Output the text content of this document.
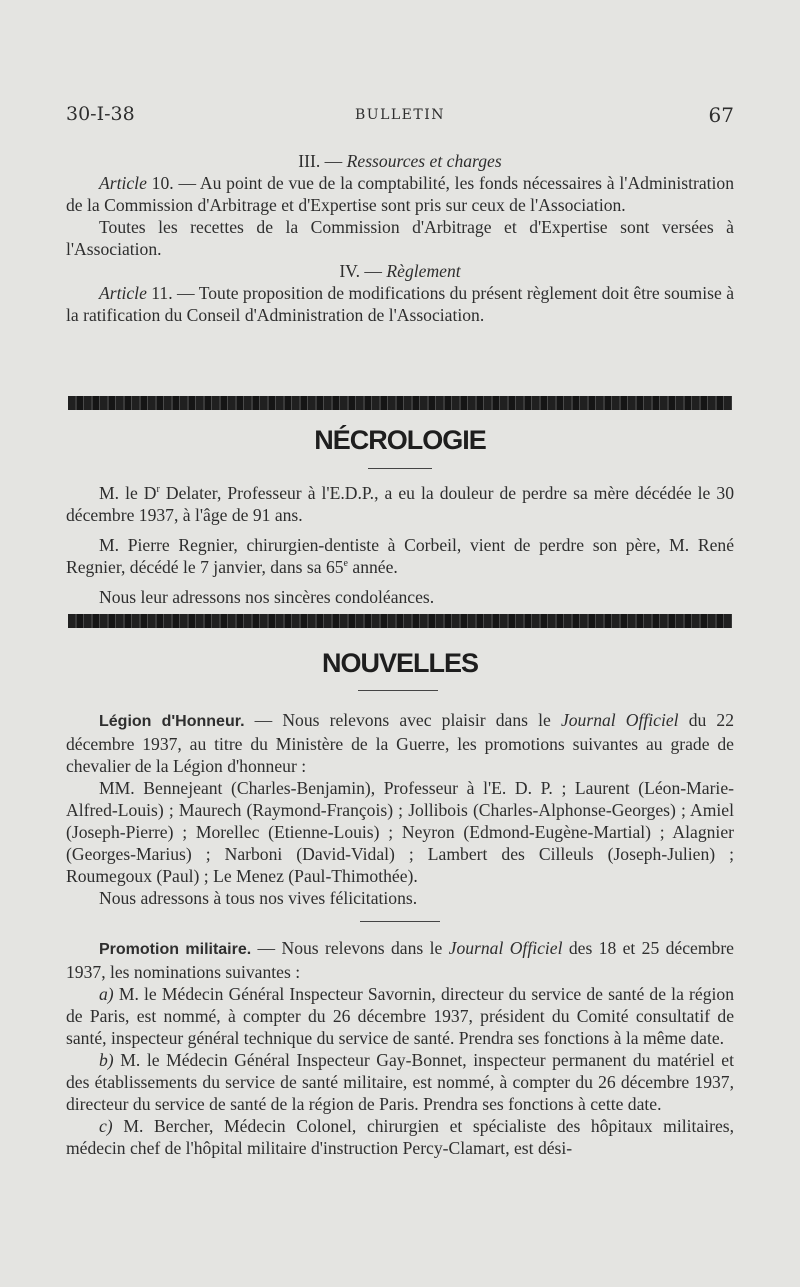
30-I-38	BULLETIN	67

III. — Ressources et charges

Article 10. — Au point de vue de la comptabilité, les fonds nécessaires à l'Administration de la Commission d'Arbitrage et d'Expertise sont pris sur ceux de l'Association.

Toutes les recettes de la Commission d'Arbitrage et d'Expertise sont versées à l'Association.

IV. — Règlement

Article 11. — Toute proposition de modifications du présent règlement doit être soumise à la ratification du Conseil d'Administration de l'Association.

NÉCROLOGIE

M. le $D^r$ Delater, Professeur à l'E.D.P., a eu la douleur de perdre sa mère décédée le 30 décembre 1937, à l'âge de 91 ans.

M. Pierre Regnier, chirurgien-dentiste à Corbeil, vient de perdre son père, M. René Regnier, décédé le 7 janvier, dans sa 65e année.

Nous leur adressons nos sincères condoléances.

NOUVELLES

Légion d'Honneur. — Nous relevons avec plaisir dans le Journal Officiel du 22 décembre 1937, au titre du Ministère de la Guerre, les promotions suivantes au grade de chevalier de la Légion d'honneur :

MM. Bennejeant (Charles-Benjamin), Professeur à l'E. D. P. ; Laurent (Léon-Marie-Alfred-Louis) ; Maurech (Raymond-François) ; Jollibois (Charles-Alphonse-Georges) ; Amiel (Joseph-Pierre) ; Morellec (Etienne-Louis) ; Neyron (Edmond-Eugène-Martial) ; Alagnier (Georges-Marius) ; Narboni (David-Vidal) ; Lambert des Cilleuls (Joseph-Julien) ; Roumegoux (Paul) ; Le Menez (Paul-Thimothée).

Nous adressons à tous nos vives félicitations.

Promotion militaire. — Nous relevons dans le Journal Officiel des 18 et 25 décembre 1937, les nominations suivantes :

a) M. le Médecin Général Inspecteur Savornin, directeur du service de santé de la région de Paris, est nommé, à compter du 26 décembre 1937, président du Comité consultatif de santé, inspecteur général technique du service de santé. Prendra ses fonctions à la même date.

b) M. le Médecin Général Inspecteur Gay-Bonnet, inspecteur permanent du matériel et des établissements du service de santé militaire, est nommé, à compter du 26 décembre 1937, directeur du service de santé de la région de Paris. Prendra ses fonctions à cette date.

c) M. Bercher, Médecin Colonel, chirurgien et spécialiste des hôpitaux militaires, médecin chef de l'hôpital militaire d'instruction Percy-Clamart, est dési-
